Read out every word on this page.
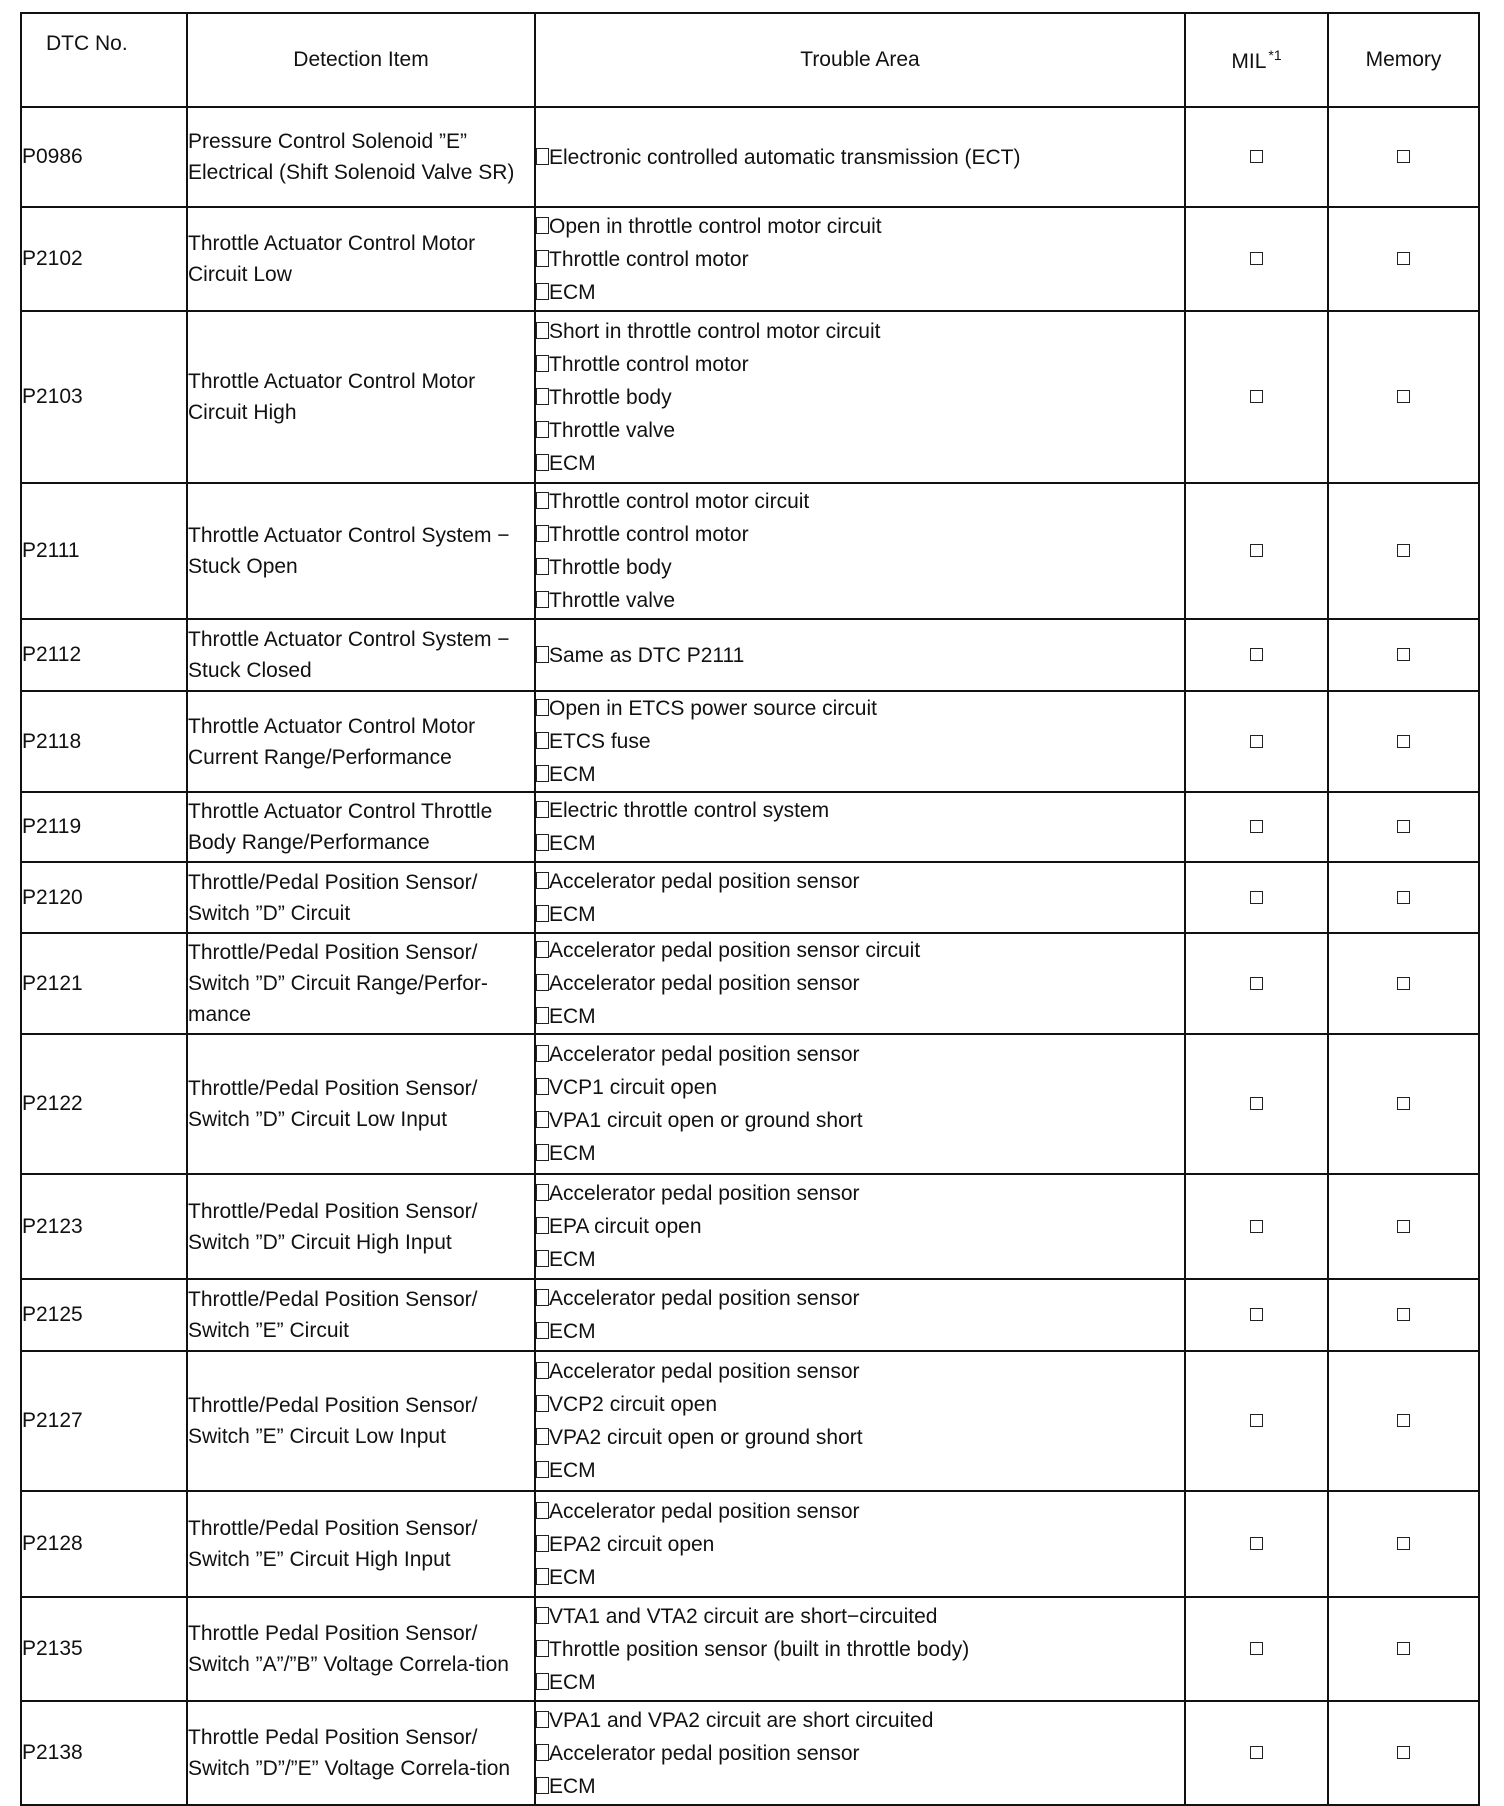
DTC No.	Detection Item	Trouble Area	MIL $^{*1}$	Memory
P0986	Pressure Control Solenoid ”E” Electrical (Shift Solenoid Valve SR)	Electronic controlled automatic transmission (ECT)		

P2102	Throttle Actuator Control Motor Circuit Low	Open in throttle control motor circuit
Throttle control motor
ECM		

P2103	Throttle Actuator Control Motor Circuit High	Short in throttle control motor circuit
Throttle control motor
Throttle body
Throttle valve
ECM		

P2111	Throttle Actuator Control System − Stuck Open	Throttle control motor circuit
Throttle control motor
Throttle body
Throttle valve		

P2112	Throttle Actuator Control System − Stuck Closed	Same as DTC P2111		

P2118	Throttle Actuator Control Motor Current Range/Performance	Open in ETCS power source circuit
ETCS fuse
ECM		

P2119	Throttle Actuator Control Throttle Body Range/Performance	Electric throttle control system
ECM		

P2120	Throttle/Pedal Position Sensor/ Switch ”D” Circuit	Accelerator pedal position sensor
ECM		

P2121	Throttle/Pedal Position Sensor/ Switch ”D” Circuit Range/Perfor-mance	Accelerator pedal position sensor circuit
Accelerator pedal position sensor
ECM		

P2122	Throttle/Pedal Position Sensor/ Switch ”D” Circuit Low Input	Accelerator pedal position sensor
VCP1 circuit open
VPA1 circuit open or ground short
ECM		

P2123	Throttle/Pedal Position Sensor/ Switch ”D” Circuit High Input	Accelerator pedal position sensor
EPA circuit open
ECM		

P2125	Throttle/Pedal Position Sensor/ Switch ”E” Circuit	Accelerator pedal position sensor
ECM		

P2127	Throttle/Pedal Position Sensor/ Switch ”E” Circuit Low Input	Accelerator pedal position sensor
VCP2 circuit open
VPA2 circuit open or ground short
ECM		

P2128	Throttle/Pedal Position Sensor/ Switch ”E” Circuit High Input	Accelerator pedal position sensor
EPA2 circuit open
ECM		

P2135	Throttle Pedal Position Sensor/ Switch ”A”/”B” Voltage Correla-tion	VTA1 and VTA2 circuit are short−circuited
Throttle position sensor (built in throttle body)
ECM		

P2138	Throttle Pedal Position Sensor/ Switch ”D”/”E” Voltage Correla-tion	VPA1 and VPA2 circuit are short circuited
Accelerator pedal position sensor
ECM		
